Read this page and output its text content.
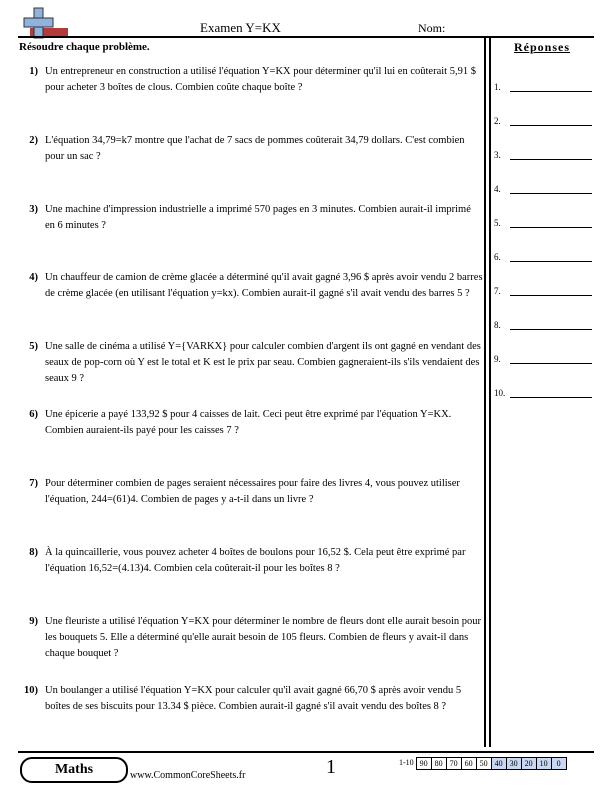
Examen Y=KX	Nom:
Résoudre chaque problème.	Réponses
1) Un entrepreneur en construction a utilisé l'équation Y=KX pour déterminer qu'il lui en coûterait 5,91 $ pour acheter 3 boîtes de clous. Combien coûte chaque boîte ?
2) L'équation 34,79=k7 montre que l'achat de 7 sacs de pommes coûterait 34,79 dollars. C'est combien pour un sac ?
3) Une machine d'impression industrielle a imprimé 570 pages en 3 minutes. Combien aurait-il imprimé en 6 minutes ?
4) Un chauffeur de camion de crème glacée a déterminé qu'il avait gagné 3,96 $ après avoir vendu 2 barres de crème glacée (en utilisant l'équation y=kx). Combien aurait-il gagné s'il avait vendu des barres 5 ?
5) Une salle de cinéma a utilisé Y={VARKX} pour calculer combien d'argent ils ont gagné en vendant des seaux de pop-corn où Y est le total et K est le prix par seau. Combien gagneraient-ils s'ils vendaient des seaux 9 ?
6) Une épicerie a payé 133,92 $ pour 4 caisses de lait. Ceci peut être exprimé par l'équation Y=KX. Combien auraient-ils payé pour les caisses 7 ?
7) Pour déterminer combien de pages seraient nécessaires pour faire des livres 4, vous pouvez utiliser l'équation, 244=(61)4. Combien de pages y a-t-il dans un livre ?
8) À la quincaillerie, vous pouvez acheter 4 boîtes de boulons pour 16,52 $. Cela peut être exprimé par l'équation 16,52=(4.13)4. Combien cela coûterait-il pour les boîtes 8 ?
9) Une fleuriste a utilisé l'équation Y=KX pour déterminer le nombre de fleurs dont elle aurait besoin pour les bouquets 5. Elle a déterminé qu'elle aurait besoin de 105 fleurs. Combien de fleurs y avait-il dans chaque bouquet ?
10) Un boulanger a utilisé l'équation Y=KX pour calculer qu'il avait gagné 66,70 $ après avoir vendu 5 boîtes de ses biscuits pour 13.34 $ pièce. Combien aurait-il gagné s'il avait vendu des boîtes 8 ?
1.
2.
3.
4.
5.
6.
7.
8.
9.
10.
Maths	www.CommonCoreSheets.fr	1	1-10 90 80 70 60 50 40 30 20 10	0
